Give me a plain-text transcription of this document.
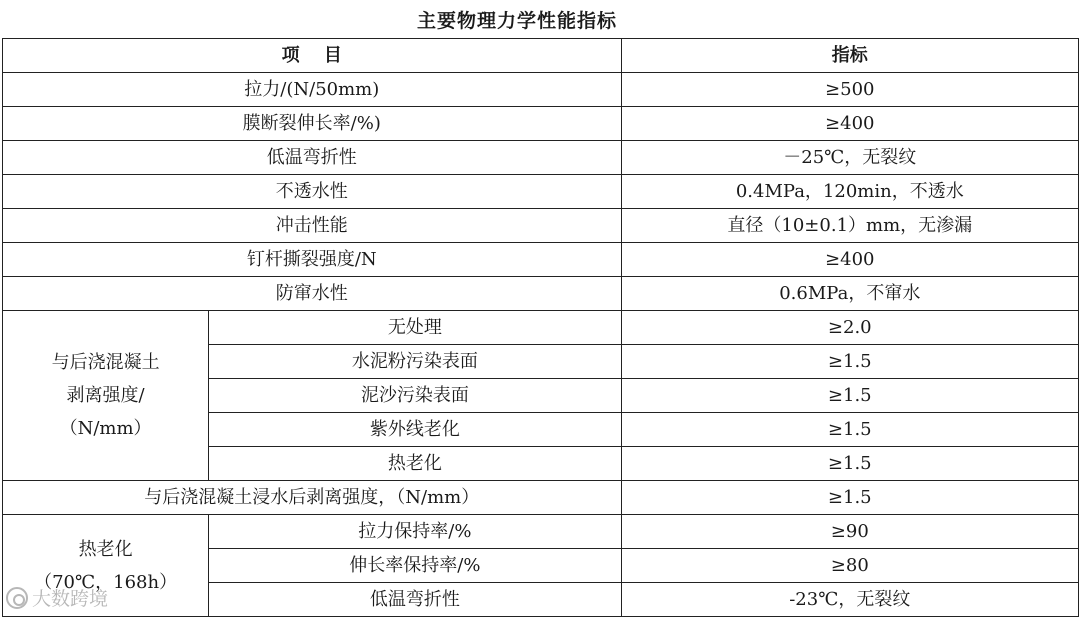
主要物理力学性能指标
项　 目		指标
拉力/(N/50mm)		≥500
膜断裂伸长率/%)		≥400
低温弯折性		－25℃，无裂纹
不透水性		0.4MPa，120min，不透水
冲击性能		直径（10±0.1）mm，无渗漏
钉杆撕裂强度/N		≥400
防窜水性		0.6MPa，不窜水

与后浇混凝土
剥离强度/
（N/mm）	无处理	≥2.0
	水泥粉污染表面	≥1.5
	泥沙污染表面	≥1.5
	紫外线老化	≥1.5
	热老化	≥1.5
与后浇混凝土浸水后剥离强度，（N/mm）		≥1.5

热老化
（70℃，168h）	拉力保持率/%	≥90
	伸长率保持率/%	≥80
	低温弯折性	-23℃，无裂纹
大数跨境
